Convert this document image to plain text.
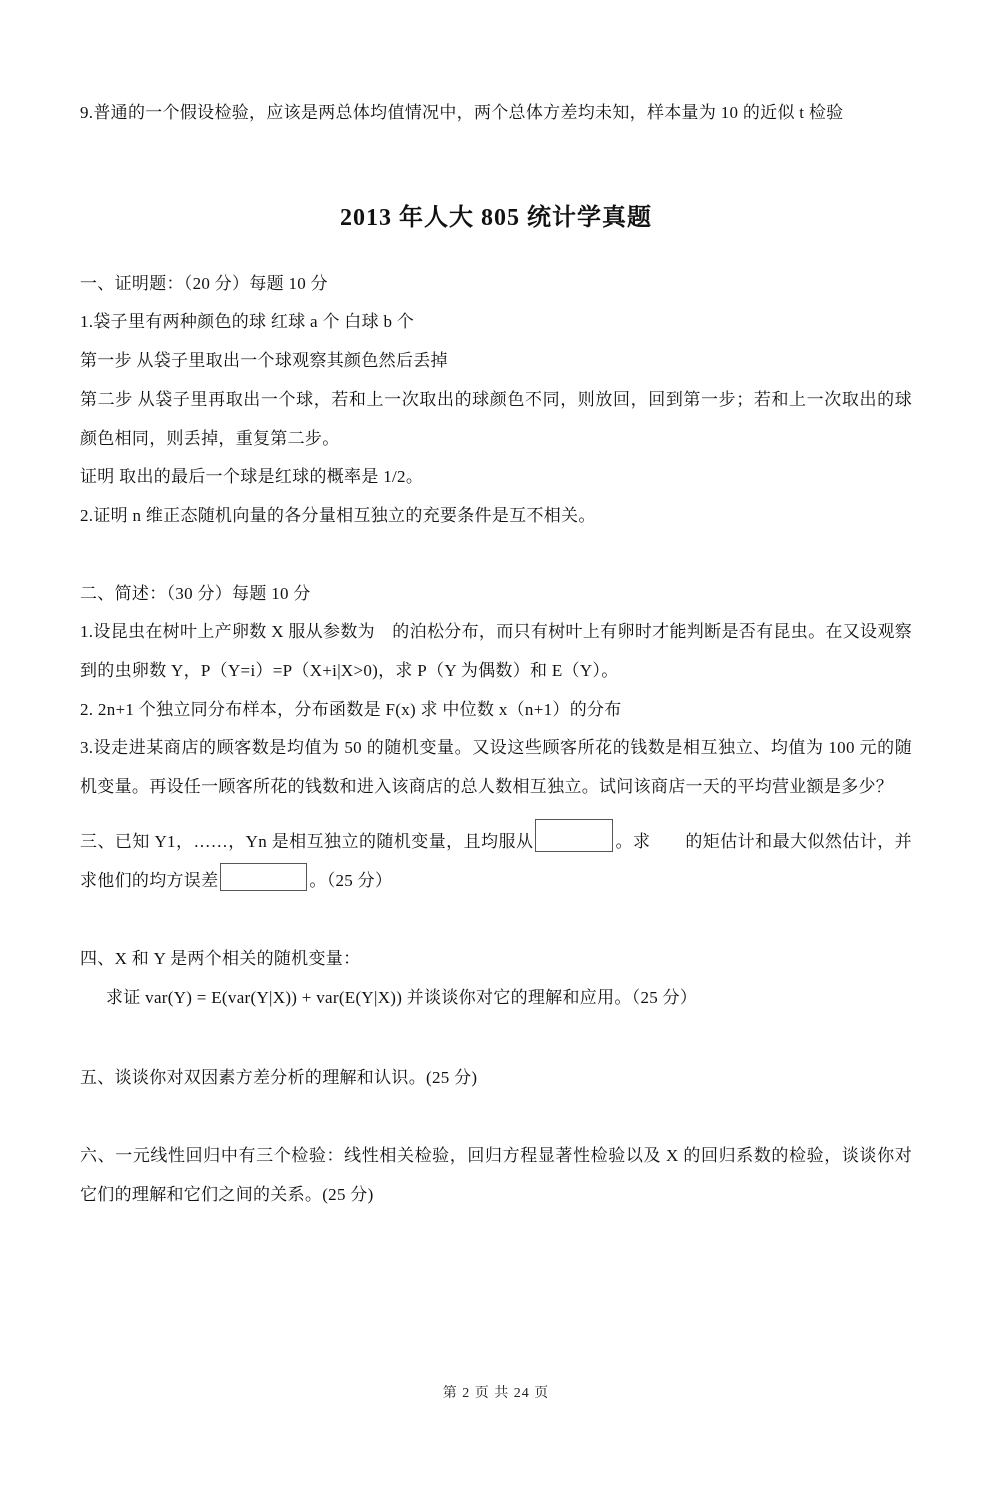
9.普通的一个假设检验，应该是两总体均值情况中，两个总体方差均未知，样本量为 10 的近似 t 检验

2013 年人大 805 统计学真题

一、证明题：（20 分）每题 10 分

1.袋子里有两种颜色的球 红球 a 个 白球 b 个

第一步 从袋子里取出一个球观察其颜色然后丢掉

第二步 从袋子里再取出一个球，若和上一次取出的球颜色不同，则放回，回到第一步；若和上一次取出的球颜色相同，则丢掉，重复第二步。

证明 取出的最后一个球是红球的概率是 1/2。

2.证明 n 维正态随机向量的各分量相互独立的充要条件是互不相关。

二、简述：（30 分）每题 10 分

1.设昆虫在树叶上产卵数 X 服从参数为　的泊松分布，而只有树叶上有卵时才能判断是否有昆虫。在又设观察到的虫卵数 Y，P（Y=i）=P（X+i|X>0)，求 P（Y 为偶数）和 E（Y）。

2. 2n+1 个独立同分布样本，分布函数是 F(x) 求 中位数 x（n+1）的分布

3.设走进某商店的顾客数是均值为 50 的随机变量。又设这些顾客所花的钱数是相互独立、均值为 100 元的随机变量。再设任一顾客所花的钱数和进入该商店的总人数相互独立。试问该商店一天的平均营业额是多少？

三、已知 Y1，……，Yn 是相互独立的随机变量，且均服从	。求　　的矩估计和最大似然估计，并求他们的均方误差	。（25 分）

四、X 和 Y 是两个相关的随机变量：

求证 var(Y) = E(var(Y|X)) + var(E(Y|X)) 并谈谈你对它的理解和应用。（25 分）

五、谈谈你对双因素方差分析的理解和认识。(25 分)

六、一元线性回归中有三个检验：线性相关检验，回归方程显著性检验以及 X 的回归系数的检验，谈谈你对它们的理解和它们之间的关系。(25 分)

第 2 页 共 24 页
